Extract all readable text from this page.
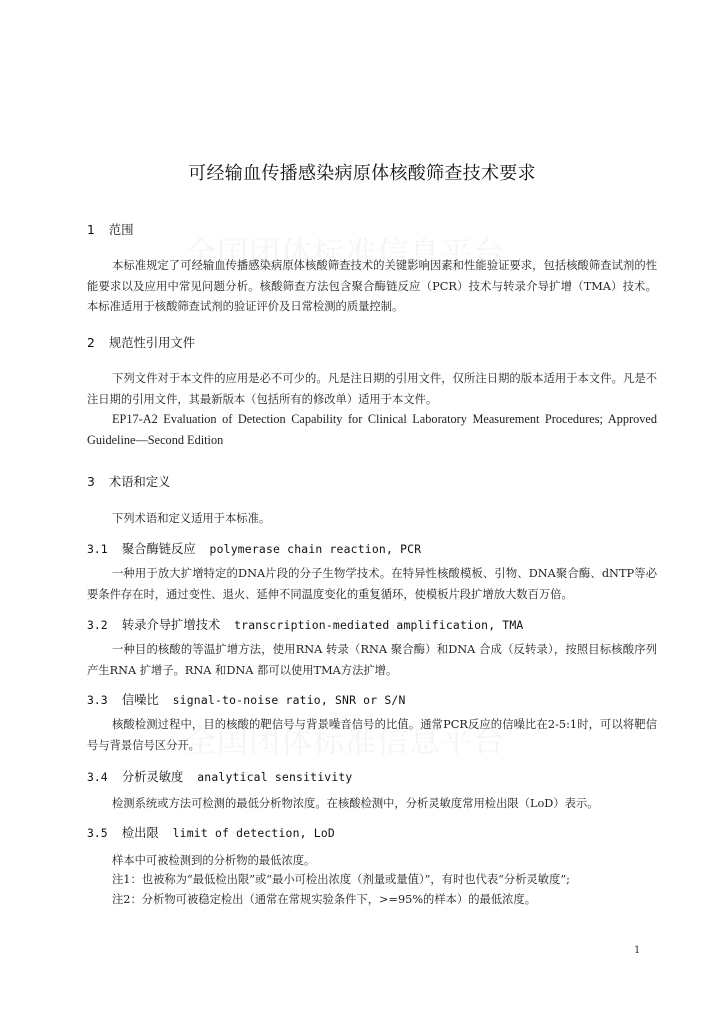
可经输血传播感染病原体核酸筛查技术要求
1 范围

本标准规定了可经输血传播感染病原体核酸筛查技术的关键影响因素和性能验证要求，包括核酸筛查试剂的性能要求以及应用中常见问题分析。核酸筛查方法包含聚合酶链反应（PCR）技术与转录介导扩增（TMA）技术。本标准适用于核酸筛查试剂的验证评价及日常检测的质量控制。

2 规范性引用文件

下列文件对于本文件的应用是必不可少的。凡是注日期的引用文件，仅所注日期的版本适用于本文件。凡是不注日期的引用文件，其最新版本（包括所有的修改单）适用于本文件。

EP17-A2 Evaluation of Detection Capability for Clinical Laboratory Measurement Procedures; Approved Guideline—Second Edition

3 术语和定义
下列术语和定义适用于本标准。
3.1 聚合酶链反应 polymerase chain reaction, PCR

一种用于放大扩增特定的DNA片段的分子生物学技术。在特异性核酸模板、引物、DNA聚合酶、dNTP等必要条件存在时，通过变性、退火、延伸不同温度变化的重复循环，使模板片段扩增放大数百万倍。

3.2 转录介导扩增技术 transcription-mediated amplification, TMA

一种目的核酸的等温扩增方法，使用RNA 转录（RNA 聚合酶）和DNA 合成（反转录），按照目标核酸序列产生RNA 扩增子。RNA 和DNA 都可以使用TMA方法扩增。

3.3 信噪比 signal-to-noise ratio, SNR or S/N

核酸检测过程中，目的核酸的靶信号与背景噪音信号的比值。通常PCR反应的信噪比在2-5:1时，可以将靶信号与背景信号区分开。

3.4 分析灵敏度 analytical sensitivity
检测系统或方法可检测的最低分析物浓度。在核酸检测中，分析灵敏度常用检出限（LoD）表示。
3.5 检出限 limit of detection, LoD
样本中可被检测到的分析物的最低浓度。
注1：也被称为“最低检出限”或“最小可检出浓度（剂量或量值）”，有时也代表“分析灵敏度”;
注2：分析物可被稳定检出（通常在常规实验条件下，>=95%的样本）的最低浓度。
1
